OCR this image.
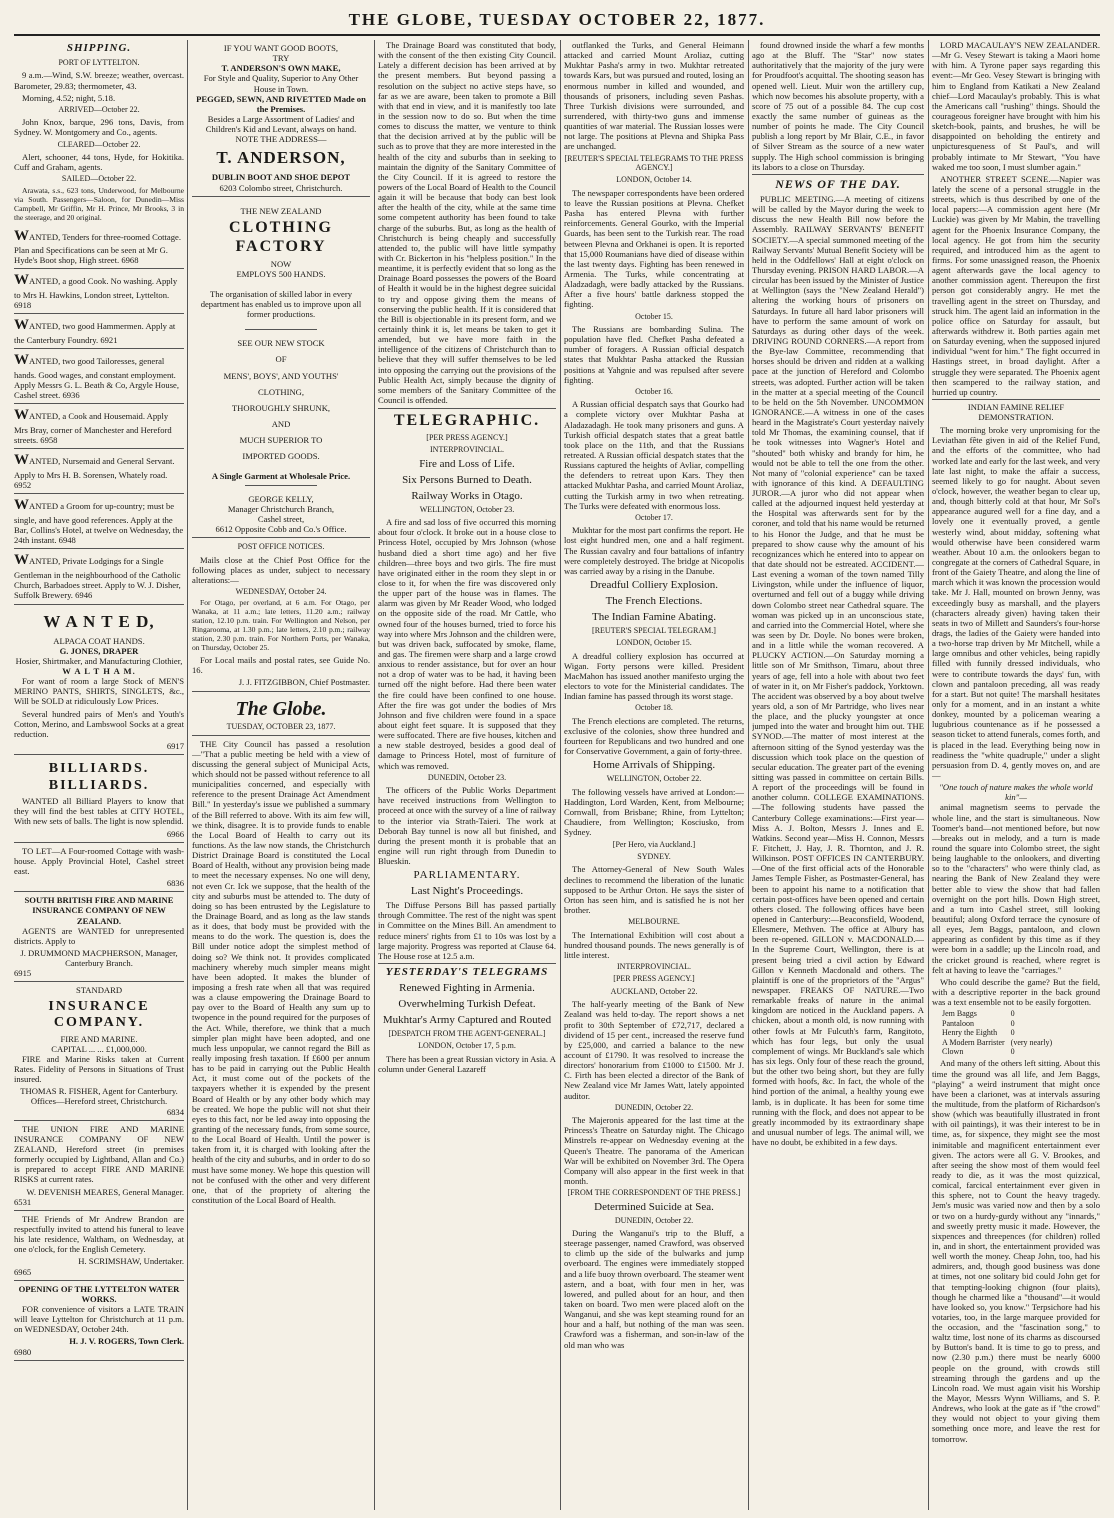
THE GLOBE, TUESDAY OCTOBER 22, 1877.
SHIPPING.
PORT OF LYTTELTON.

9 a.m.—Wind, S.W. breeze; weather, overcast. Barometer, 29.83; thermometer, 43.

Morning, 4.52; night, 5.18.

ARRIVED—October 22.

John Knox, barque, 296 tons, Davis, from Sydney. W. Montgomery and Co., agents.

CLEARED—October 22.

Alert, schooner, 44 tons, Hyde, for Hokitika. Cuff and Graham, agents.

SAILED—October 22.

Arawata, s.s., 623 tons, Underwood, for Melbourne via South. Passengers—Saloon, for Dunedin—Miss Campbell, Mr Griffin, Mr H. Prince, Mr Brooks, 3 in the steerage, and 20 original.

WANTED, Tenders for three-roomed Cottage. Plan and Specifications can be seen at Mr G. Hyde's Boot shop, High street. 6968
WANTED, a good Cook. No washing. Apply to Mrs H. Hawkins, London street, Lyttelton. 6918
WANTED, two good Hammermen. Apply at the Canterbury Foundry. 6921
WANTED, two good Tailoresses, general hands. Good wages, and constant employment. Apply Messrs G. L. Beath & Co, Argyle House, Cashel street. 6936
WANTED, a Cook and Housemaid. Apply Mrs Bray, corner of Manchester and Hereford streets. 6958
WANTED, Nursemaid and General Servant. Apply to Mrs H. B. Sorensen, Whately road. 6952
WANTED a Groom for up-country; must be single, and have good references. Apply at the Bar, Collins's Hotel, at twelve on Wednesday, the 24th instant. 6948
WANTED, Private Lodgings for a Single Gentleman in the neighbourhood of the Catholic Church, Barbadoes street. Apply to W. J. Disher, Suffolk Brewery. 6946
W A N T E D,
ALPACA COAT HANDS.
G. JONES, DRAPER
Hosier, Shirtmaker, and Manufacturing Clothier,
W A L T H A M.

For want of room a large Stock of MEN'S MERINO PANTS, SHIRTS, SINGLETS, &c., Will be SOLD at ridiculously Low Prices.

Several hundred pairs of Men's and Youth's Cotton, Merino, and Lambswool Socks at a great reduction.

6917
BILLIARDS. BILLIARDS.

WANTED all Billiard Players to know that they will find the best tables at CITY HOTEL, With new sets of balls. The light is now splendid.

6966

TO LET—A Four-roomed Cottage with wash-house. Apply Provincial Hotel, Cashel street east.

6836
SOUTH BRITISH FIRE AND MARINE INSURANCE COMPANY OF NEW ZEALAND.

AGENTS are WANTED for unrepresented districts. Apply to

J. DRUMMOND MACPHERSON, Manager, Canterbury Branch.
6915
STANDARD
INSURANCE COMPANY.
FIRE AND MARINE.
CAPITAL ... ... £1,000,000.

FIRE and Marine Risks taken at Current Rates. Fidelity of Persons in Situations of Trust insured.

THOMAS R. FISHER, Agent for Canterbury.
Offices—Hereford street, Christchurch.
6834

THE UNION FIRE AND MARINE INSURANCE COMPANY OF NEW ZEALAND, Hereford street (in premises formerly occupied by Lightband, Allan and Co.) is prepared to accept FIRE AND MARINE RISKS at current rates.

W. DEVENISH MEARES, General Manager.
6531

THE Friends of Mr Andrew Brandon are respectfully invited to attend his funeral to leave his late residence, Waltham, on Wednesday, at one o'clock, for the English Cemetery.

H. SCRIMSHAW, Undertaker.
6965
OPENING OF THE LYTTELTON WATER WORKS.

FOR convenience of visitors a LATE TRAIN will leave Lyttelton for Christchurch at 11 p.m. on WEDNESDAY, October 24th.

H. J. V. ROGERS, Town Clerk.
6980
IF YOU WANT GOOD BOOTS,
TRY
T. ANDERSON'S OWN MAKE,
For Style and Quality, Superior to Any Other House in Town.
PEGGED, SEWN, AND RIVETTED Made on the Premises.
Besides a Large Assortment of Ladies' and Children's Kid and Levant, always on hand.
NOTE THE ADDRESS—
T. ANDERSON,
DUBLIN BOOT AND SHOE DEPOT
6203 Colombo street, Christchurch.
THE NEW ZEALAND
CLOTHING FACTORY
NOW
EMPLOYS 500 HANDS.
The organisation of skilled labor in every department has enabled us to improve upon all former productions.
SEE OUR NEW STOCK
OF
MENS', BOYS', AND YOUTHS'
CLOTHING,
THOROUGHLY SHRUNK,
AND
MUCH SUPERIOR TO
IMPORTED GOODS.
A Single Garment at Wholesale Price.
GEORGE KELLY,
Manager Christchurch Branch,
Cashel street,
6612 Opposite Cobb and Co.'s Office.
POST OFFICE NOTICES.

Mails close at the Chief Post Office for the following places as under, subject to necessary alterations:—

WEDNESDAY, October 24.

For Otago, per overland, at 6 a.m. For Otago, per Wanaka, at 11 a.m.; late letters, 11.20 a.m.; railway station, 12.10 p.m. train. For Wellington and Nelson, per Ringarooma, at 1.30 p.m.; late letters, 2.10 p.m.; railway station, 2.30 p.m. train. For Northern Ports, per Wanaka, on Thursday, October 25.

For Local mails and postal rates, see Guide No. 16.

J. J. FITZGIBBON, Chief Postmaster.
The Globe.
TUESDAY, OCTOBER 23, 1877.

THE City Council has passed a resolution—"That a public meeting be held with a view of discussing the general subject of Municipal Acts, which should not be passed without reference to all municipalities concerned, and especially with reference to the present Drainage Act Amendment Bill." In yesterday's issue we published a summary of the Bill referred to above. With its aim few will, we think, disagree. It is to provide funds to enable the Local Board of Health to carry out its functions. As the law now stands, the Christchurch District Drainage Board is constituted the Local Board of Health, without any provision being made to meet the necessary expenses. No one will deny, not even Cr. Ick we suppose, that the health of the city and suburbs must be attended to. The duty of doing so has been entrusted by the Legislature to the Drainage Board, and as long as the law stands as it does, that body must be provided with the means to do the work. The question is, does the Bill under notice adopt the simplest method of doing so? We think not. It provides complicated machinery whereby much simpler means might have been adopted. It makes the blunder of imposing a fresh rate when all that was required was a clause empowering the Drainage Board to pay over to the Board of Health any sum up to twopence in the pound required for the purposes of the Act. While, therefore, we think that a much simpler plan might have been adopted, and one much less unpopular, we cannot regard the Bill as really imposing fresh taxation. If £600 per annum has to be paid in carrying out the Public Health Act, it must come out of the pockets of the taxpayers whether it is expended by the present Board of Health or by any other body which may be created. We hope the public will not shut their eyes to this fact, nor be led away into opposing the granting of the necessary funds, from some source, to the Local Board of Health. Until the power is taken from it, it is charged with looking after the health of the city and suburbs, and in order to do so must have some money. We hope this question will not be confused with the other and very different one, that of the propriety of altering the constitution of the Local Board of Health.

The Drainage Board was constituted that body, with the consent of the then existing City Council. Lately a different decision has been arrived at by the present members. But beyond passing a resolution on the subject no active steps have, so far as we are aware, been taken to promote a Bill with that end in view, and it is manifestly too late in the session now to do so. But when the time comes to discuss the matter, we venture to think that the decision arrived at by the public will be such as to prove that they are more interested in the health of the city and suburbs than in seeking to maintain the dignity of the Sanitary Committee of the City Council. If it is agreed to restore the powers of the Local Board of Health to the Council again it will be because that body can best look after the health of the city, while at the same time some competent authority has been found to take charge of the suburbs. But, as long as the health of Christchurch is being cheaply and successfully attended to, the public will have little sympathy with Cr. Bickerton in his "helpless position." In the meantime, it is perfectly evident that so long as the Drainage Board possesses the powers of the Board of Health it would be in the highest degree suicidal to try and oppose giving them the means of conserving the public health. If it is considered that the Bill is objectionable in its present form, and we certainly think it is, let means be taken to get it amended, but we have more faith in the intelligence of the citizens of Christchurch than to believe that they will suffer themselves to be led into opposing the carrying out the provisions of the Public Health Act, simply because the dignity of some members of the Sanitary Committee of the Council is offended.

TELEGRAPHIC.
[PER PRESS AGENCY.]
INTERPROVINCIAL.
Fire and Loss of Life.
Six Persons Burned to Death.
Railway Works in Otago.
WELLINGTON, October 23.

A fire and sad loss of five occurred this morning about four o'clock. It broke out in a house close to Princess Hotel, occupied by Mrs Johnson (whose husband died a short time ago) and her five children—three boys and two girls. The fire must have originated either in the room they slept in or close to it, for when the fire was discovered only the upper part of the house was in flames. The alarm was given by Mr Reader Wood, who lodged on the opposite side of the road. Mr Cattle, who owned four of the houses burned, tried to force his way into where Mrs Johnson and the children were, but was driven back, suffocated by smoke, flame, and gas. The firemen were sharp and a large crowd anxious to render assistance, but for over an hour not a drop of water was to be had, it having been turned off the night before. Had there been water the fire could have been confined to one house. After the fire was got under the bodies of Mrs Johnson and five children were found in a space about eight feet square. It is supposed that they were suffocated. There are five houses, kitchen and a new stable destroyed, besides a good deal of damage to Princess Hotel, most of furniture of which was removed.

DUNEDIN, October 23.

The officers of the Public Works Department have received instructions from Wellington to proceed at once with the survey of a line of railway to the interior via Strath-Taieri. The work at Deborah Bay tunnel is now all but finished, and during the present month it is probable that an engine will run right through from Dunedin to Blueskin.

PARLIAMENTARY.
Last Night's Proceedings.

The Diffuse Persons Bill has passed partially through Committee. The rest of the night was spent in Committee on the Mines Bill. An amendment to reduce miners' rights from £1 to 10s was lost by a large majority. Progress was reported at Clause 64. The House rose at 12.5 a.m.

YESTERDAY'S TELEGRAMS
Renewed Fighting in Armenia.
Overwhelming Turkish Defeat.
Mukhtar's Army Captured and Routed
[DESPATCH FROM THE AGENT-GENERAL.]
LONDON, October 17, 5 p.m.

There has been a great Russian victory in Asia. A column under General Lazareff

outflanked the Turks, and General Heimann attacked and carried Mount Aroliaz, cutting Mukhtar Pasha's army in two. Mukhtar retreated towards Kars, but was pursued and routed, losing an enormous number in killed and wounded, and thousands of prisoners, including seven Pashas. Three Turkish divisions were surrounded, and surrendered, with thirty-two guns and immense quantities of war material. The Russian losses were not large. The positions at Plevna and Shipka Pass are unchanged.

[REUTER'S SPECIAL TELEGRAMS TO THE PRESS AGENCY.]
LONDON, October 14.

The newspaper correspondents have been ordered to leave the Russian positions at Plevna. Chefket Pasha has entered Plevna with further reinforcements. General Gourko, with the Imperial Guards, has been sent to the Turkish rear. The road between Plevna and Orkhanei is open. It is reported that 15,000 Roumanians have died of disease within the last twenty days. Fighting has been renewed in Armenia. The Turks, while concentrating at Aladzadagh, were badly attacked by the Russians. After a five hours' battle darkness stopped the fighting.

October 15.

The Russians are bombarding Sulina. The population have fled. Chefket Pasha defeated a number of foragers. A Russian official despatch states that Mukhtar Pasha attacked the Russian positions at Yahgnie and was repulsed after severe fighting.

October 16.

A Russian official despatch says that Gourko had a complete victory over Mukhtar Pasha at Aladazadagh. He took many prisoners and guns. A Turkish official despatch states that a great battle took place on the 11th, and that the Russians retreated. A Russian official despatch states that the Russians captured the heights of Avliar, compelling the defenders to retreat upon Kars. They then attacked Mukhtar Pasha, and carried Mount Aroliaz, cutting the Turkish army in two when retreating. The Turks were defeated with enormous loss.

October 17.

Mukhtar for the most part confirms the report. He lost eight hundred men, one and a half regiment. The Russian cavalry and four battalions of infantry were completely destroyed. The bridge at Nicopolis was carried away by a rising in the Danube.

Dreadful Colliery Explosion.
The French Elections.
The Indian Famine Abating.
[REUTER'S SPECIAL TELEGRAM.]
LONDON, October 15.

A dreadful colliery explosion has occurred at Wigan. Forty persons were killed. President MacMahon has issued another manifesto urging the electors to vote for the Ministerial candidates. The Indian famine has passed through its worst stage.

October 18.

The French elections are completed. The returns, exclusive of the colonies, show three hundred and fourteen for Republicans and two hundred and one for Conservative Government, a gain of forty-three.

Home Arrivals of Shipping.
WELLINGTON, October 22.

The following vessels have arrived at London:—Haddington, Lord Warden, Kent, from Melbourne; Cornwall, from Brisbane; Rhine, from Lyttelton; Chaudiere, from Wellington; Kosciusko, from Sydney.

[Per Hero, via Auckland.]
SYDNEY.

The Attorney-General of New South Wales declines to recommend the liberation of the lunatic supposed to be Arthur Orton. He says the sister of Orton has seen him, and is satisfied he is not her brother.

MELBOURNE.

The International Exhibition will cost about a hundred thousand pounds. The news generally is of little interest.

INTERPROVINCIAL.
[PER PRESS AGENCY.]
AUCKLAND, October 22.

The half-yearly meeting of the Bank of New Zealand was held to-day. The report shows a net profit to 30th September of £72,717, declared a dividend of 15 per cent., increased the reserve fund by £25,000, and carried a balance to the new account of £1790. It was resolved to increase the directors' honorarium from £1000 to £1500. Mr J. C. Firth has been elected a director of the Bank of New Zealand vice Mr James Watt, lately appointed auditor.

DUNEDIN, October 22.

The Majeronis appeared for the last time at the Princess's Theatre on Saturday night. The Chicago Minstrels re-appear on Wednesday evening at the Queen's Theatre. The panorama of the American War will be exhibited on November 3rd. The Opera Company will also appear in the first week in that month.

[FROM THE CORRESPONDENT OF THE PRESS.]
Determined Suicide at Sea.
DUNEDIN, October 22.

During the Wanganui's trip to the Bluff, a steerage passenger, named Crawford, was observed to climb up the side of the bulwarks and jump overboard. The engines were immediately stopped and a life buoy thrown overboard. The steamer went astern, and a boat, with four men in her, was lowered, and pulled about for an hour, and then taken on board. Two men were placed aloft on the Wanganui, and she was kept steaming round for an hour and a half, but nothing of the man was seen. Crawford was a fisherman, and son-in-law of the old man who was

found drowned inside the wharf a few months ago at the Bluff. The "Star" now states authoritatively that the majority of the jury were for Proudfoot's acquittal. The shooting season has opened well. Lieut. Muir won the artillery cup, which now becomes his absolute property, with a score of 75 out of a possible 84. The cup cost exactly the same number of guineas as the number of points he made. The City Council publish a long report by Mr Blair, C.E., in favor of Silver Stream as the source of a new water supply. The High school commission is bringing its labors to a close on Thursday.

NEWS OF THE DAY.

PUBLIC MEETING.—A meeting of citizens will be called by the Mayor during the week to discuss the new Health Bill now before the Assembly. RAILWAY SERVANTS' BENEFIT SOCIETY.—A special summoned meeting of the Railway Servants' Mutual Benefit Society will be held in the Oddfellows' Hall at eight o'clock on Thursday evening. PRISON HARD LABOR.—A circular has been issued by the Minister of Justice at Wellington (says the "New Zealand Herald") altering the working hours of prisoners on Saturdays. In future all hard labor prisoners will have to perform the same amount of work on Saturdays as during other days of the week. DRIVING ROUND CORNERS.—A report from the Bye-law Committee, recommending that horses should be driven and ridden at a walking pace at the junction of Hereford and Colombo streets, was adopted. Further action will be taken in the matter at a special meeting of the Council to be held on the 5th November. UNCOMMON IGNORANCE.—A witness in one of the cases heard in the Magistrate's Court yesterday naively told Mr Thomas, the examining counsel, that if he took witnesses into Wagner's Hotel and "shouted" both whisky and brandy for him, he would not be able to tell the one from the other. Not many of "colonial experience" can be taxed with ignorance of this kind. A DEFAULTING JUROR.—A juror who did not appear when called at the adjourned inquest held yesterday at the Hospital was afterwards sent for by the coroner, and told that his name would be returned to his Honor the Judge, and that he must be prepared to show cause why the amount of his recognizances which he entered into to appear on that date should not be estreated. ACCIDENT.—Last evening a woman of the town named Tilly Livingston, while under the influence of liquor, overturned and fell out of a buggy while driving down Colombo street near Cathedral square. The woman was picked up in an unconscious state, and carried into the Commercial Hotel, where she was seen by Dr. Doyle. No bones were broken, and in a little while the woman recovered. A PLUCKY ACTION.—On Saturday morning a little son of Mr Smithson, Timaru, about three years of age, fell into a hole with about two feet of water in it, on Mr Fisher's paddock, Yorktown. The accident was observed by a boy about twelve years old, a son of Mr Partridge, who lives near the place, and the plucky youngster at once jumped into the water and brought him out. THE SYNOD.—The matter of most interest at the afternoon sitting of the Synod yesterday was the discussion which took place on the question of secular education. The greater part of the evening sitting was passed in committee on certain Bills. A report of the proceedings will be found in another column. COLLEGE EXAMINATIONS.—The following students have passed the Canterbury College examinations:—First year—Miss A. J. Bolton, Messrs J. Innes and E. Watkins. Second year—Miss H. Connon, Messrs F. Fitchett, J. Hay, J. R. Thornton, and J. R. Wilkinson. POST OFFICES IN CANTERBURY.—One of the first official acts of the Honorable James Temple Fisher, as Postmaster-General, has been to appoint his name to a notification that certain post-offices have been opened and certain others closed. The following offices have been opened in Canterbury:—Beaconsfield, Woodend, Ellesmere, Methven. The office at Albury has been re-opened. GILLON v. MACDONALD.—In the Supreme Court, Wellington, there is at present being tried a civil action by Edward Gillon v Kenneth Macdonald and others. The plaintiff is one of the proprietors of the "Argus" newspaper. FREAKS OF NATURE.—Two remarkable freaks of nature in the animal kingdom are noticed in the Auckland papers. A chicken, about a month old, is now running with other fowls at Mr Fulcuth's farm, Rangitoto, which has four legs, but only the usual complement of wings. Mr Buckland's sale which has six legs. Only four of these reach the ground, but the other two being short, but they are fully formed with hoofs, &c. In fact, the whole of the hind portion of the animal, a healthy young ewe lamb, is in duplicate. It has been for some time running with the flock, and does not appear to be greatly incommoded by its extraordinary shape and unusual number of legs. The animal will, we have no doubt, be exhibited in a few days.

LORD MACAULAY'S NEW ZEALANDER.—Mr G. Vesey Stewart is taking a Maori home with him. A Tyrone paper says regarding this event:—Mr Geo. Vesey Stewart is bringing with him to England from Katikati a New Zealand chief—Lord Macaulay's probably. This is what the Americans call "rushing" things. Should the courageous foreigner have brought with him his sketch-book, paints, and brushes, he will be disappointed on beholding the entirety and unpicturesqueness of St Paul's, and will probably intimate to Mr Stewart, "You have waked me too soon, I must slumber again."

ANOTHER STREET SCENE.—Napier was lately the scene of a personal struggle in the streets, which is thus described by one of the local papers:—A commission agent here (Mr Luckie) was given by Mr Mabin, the travelling agent for the Phoenix Insurance Company, the local agency. He got from him the security required, and introduced him as the agent to firms. For some unassigned reason, the Phoenix agent afterwards gave the local agency to another commission agent. Thereupon the first person got considerably angry. He met the travelling agent in the street on Thursday, and struck him. The agent laid an information in the police office on Saturday for assault, but afterwards withdrew it. Both parties again met on Saturday evening, when the supposed injured individual "went for him." The fight occurred in Hastings street, in broad daylight. After a struggle they were separated. The Phoenix agent then scampered to the railway station, and hurried up country.

INDIAN FAMINE RELIEF DEMONSTRATION.

The morning broke very unpromising for the Leviathan fête given in aid of the Relief Fund, and the efforts of the committee, who had worked late and early for the last week, and very late last night, to make the affair a success, seemed likely to go for naught. About seven o'clock, however, the weather began to clear up, and, though bitterly cold at that hour, Mr Sol's appearance augured well for a fine day, and a lovely one it eventually proved, a gentle westerly wind, about midday, softening what would otherwise have been considered warm weather. About 10 a.m. the onlookers began to congregate at the corners of Cathedral Square, in front of the Gaiety Theatre, and along the line of march which it was known the procession would take. Mr J. Hall, mounted on brown Jenny, was exceedingly busy as marshall, and the players (characters already given) having taken their seats in two of Millett and Saunders's four-horse drags, the ladies of the Gaiety were handed into a two-horse trap driven by Mr Mitchell, while a large omnibus and other vehicles, being rapidly filled with funnily dressed individuals, who were to contribute towards the days' fun, with clown and pantaloon preceding, all was ready for a start. But not quite! The marshall hesitates only for a moment, and in an instant a white donkey, mounted by a policeman wearing a lugubrious countenance as if he possessed a season ticket to attend funerals, comes forth, and is placed in the lead. Everything being now in readiness the "white quadruple," under a slight persuasion from D. 4, gently moves on, and are—

"One touch of nature makes the whole world kin"—

animal magnetism seems to pervade the whole line, and the start is simultaneous. Now Toomer's band—not mentioned before, but now—breaks out in melody, and a turn is made round the square into Colombo street, the sight being laughable to the onlookers, and diverting so to the "characters" who were thinly clad, as nearing the Bank of New Zealand they were better able to view the show that had fallen overnight on the port hills. Down High street, and a turn into Cashel street, still looking beautiful; along Oxford terrace the cynosure of all eyes, Jem Baggs, pantaloon, and clown appearing as confident by this time as if they were born in a saddle; up the Lincoln road, and the cricket ground is reached, where regret is felt at having to leave the "carriages."

Who could describe the game? But the field, with a descriptive reporter in the back ground was a text ensemble not to be easily forgotten.

Jem Baggs	0
Pantaloon	0
Henry the Eighth	0
A Modern Barrister	(very nearly)
Clown	0

And many of the others left sitting. About this time the ground was all life, and Jem Baggs, "playing" a weird instrument that might once have been a clarionet, was at intervals assuring the multitude, from the platform of Richardson's show (which was beautifully illustrated in front with oil paintings), it was their interest to be in time, as, for sixpence, they might see the most inimitable and magnificent entertainment ever given. The actors were all G. V. Brookes, and after seeing the show most of them would feel ready to die, as it was the most quizzical, comical, farcical entertainment ever given in this sphere, not to Count the heavy tragedy. Jem's music was varied now and then by a solo or two on a hurdy-gurdy without any "innards," and sweetly pretty music it made. However, the sixpences and threepences (for children) rolled in, and in short, the entertainment provided was well worth the money. Cheap John, too, had his admirers, and, though good business was done at times, not one solitary bid could John get for that tempting-looking chignon (four plaits), though he charmed like a "thousand"—it would have looked so, you know." Terpsichore had his votaries, too, in the large marquee provided for the occasion, and the "fascination song," to waltz time, lost none of its charms as discoursed by Button's band. It is time to go to press, and now (2.30 p.m.) there must be nearly 6000 people on the ground, with crowds still streaming through the gardens and up the Lincoln road. We must again visit his Worship the Mayor, Messrs Wynn Williams, and S. P. Andrews, who look at the gate as if "the crowd" they would not object to your giving them something once more, and leave the rest for tomorrow.
